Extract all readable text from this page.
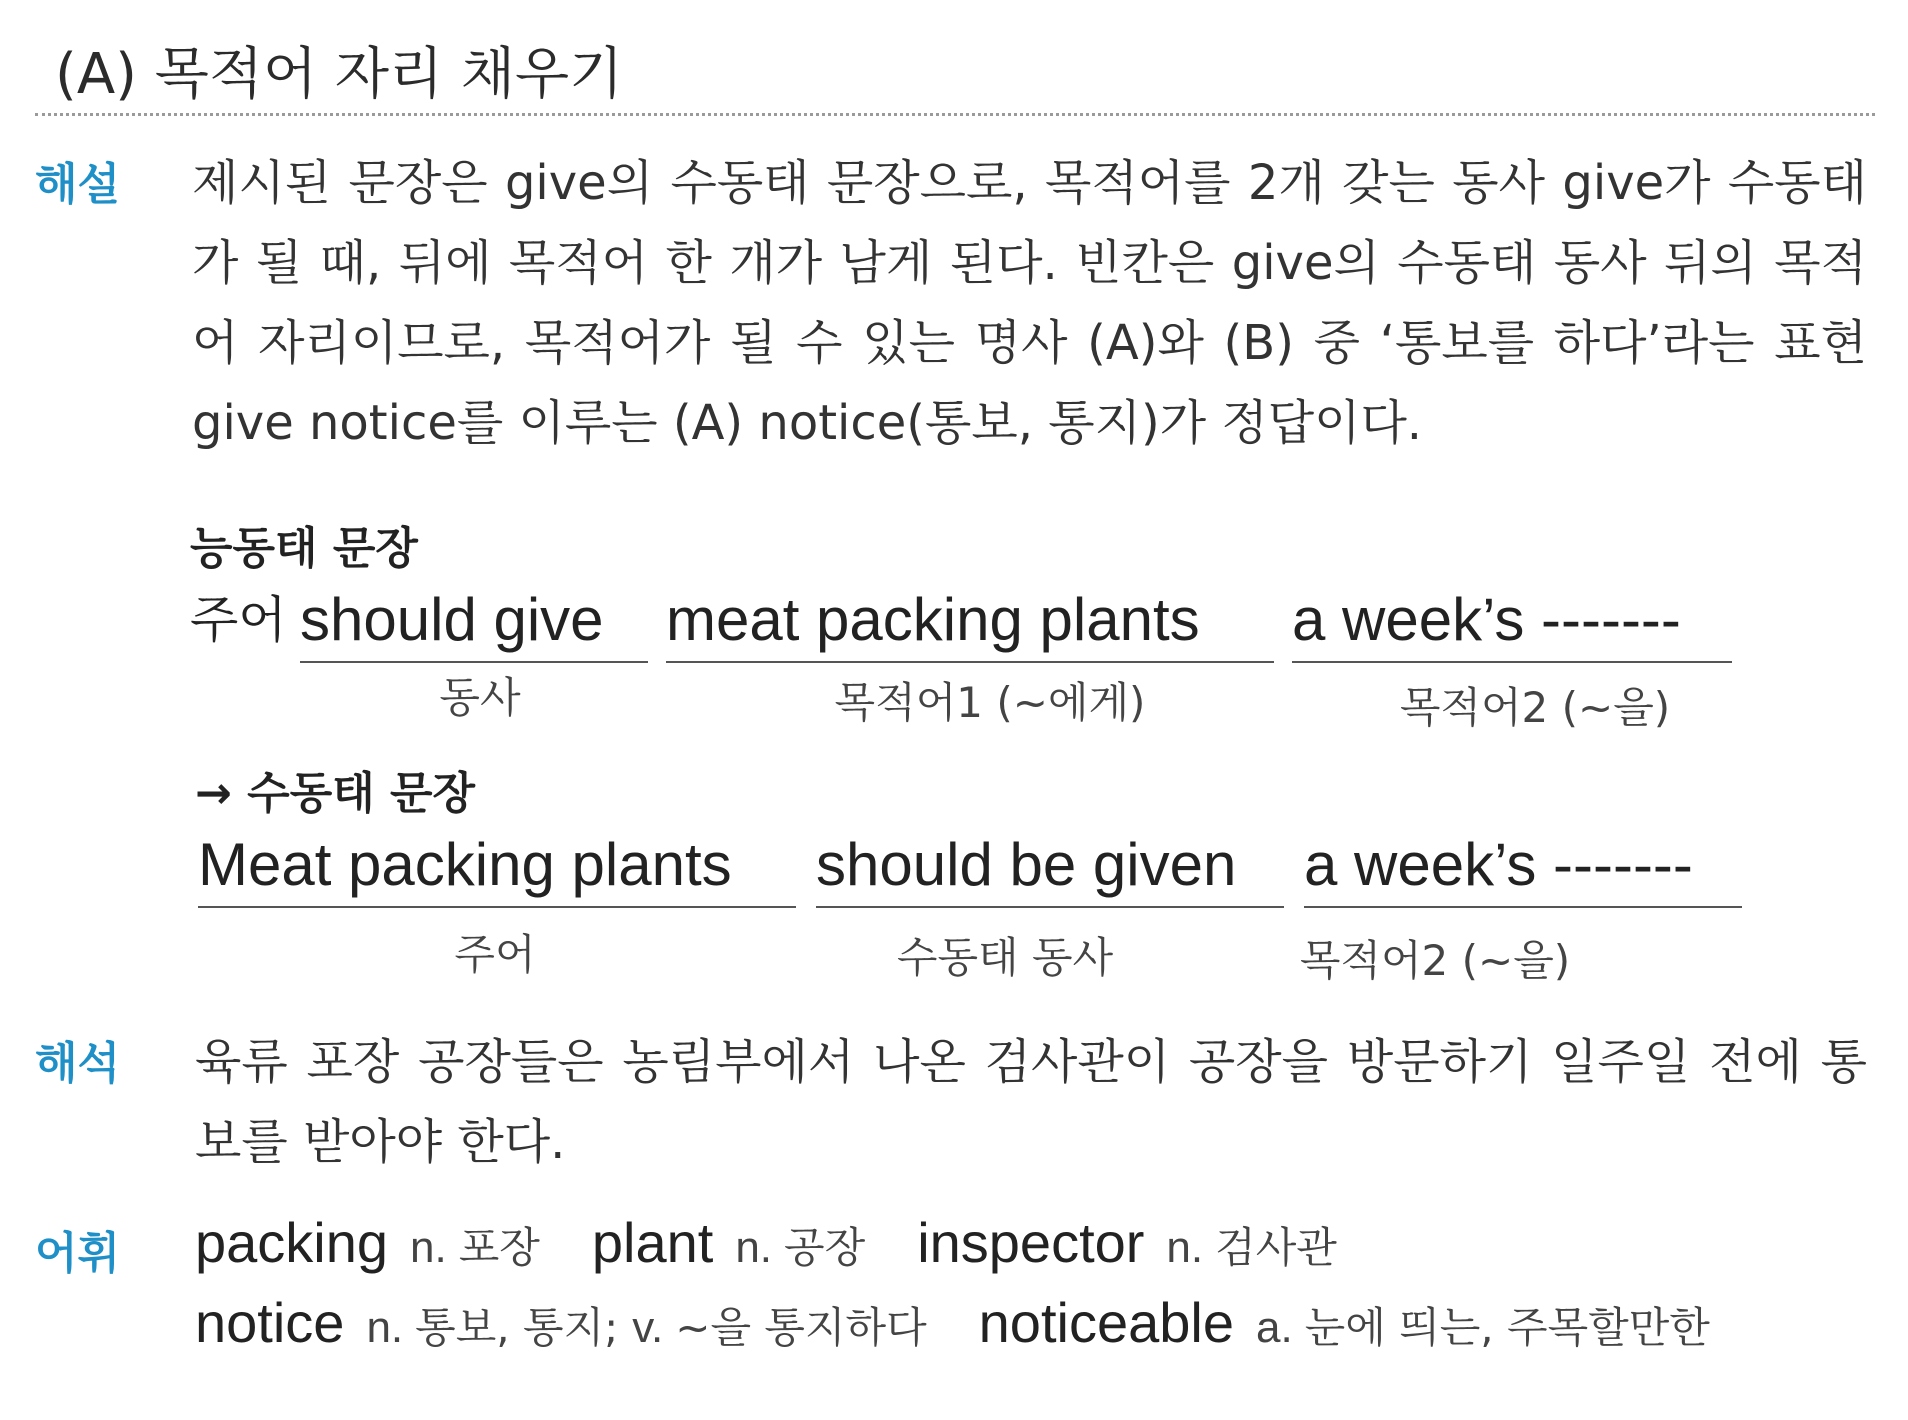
(A) 목적어 자리 채우기
해설 제시된 문장은 give의 수동태 문장으로, 목적어를 2개 갖는 동사 give가 수동태가 될 때, 뒤에 목적어 한 개가 남게 된다. 빈칸은 give의 수동태 동사 뒤의 목적어 자리이므로, 목적어가 될 수 있는 명사 (A)와 (B) 중 ‘통보를 하다’라는 표현 give notice를 이루는 (A) notice(통보, 통지)가 정답이다.
능동태 문장
주어 should give	meat packing plants	a week’s -------
동사	목적어1 (~에게)	목적어2 (~을)
→ 수동태 문장
Meat packing plants	should be given	a week’s -------
주어	수동태 동사	목적어2 (~을)
해석 육류 포장 공장들은 농림부에서 나온 검사관이 공장을 방문하기 일주일 전에 통보를 받아야 한다.
어휘 packing n. 포장 plant n. 공장 inspector n. 검사관
notice n. 통보, 통지; v. ~을 통지하다 noticeable a. 눈에 띄는, 주목할만한
